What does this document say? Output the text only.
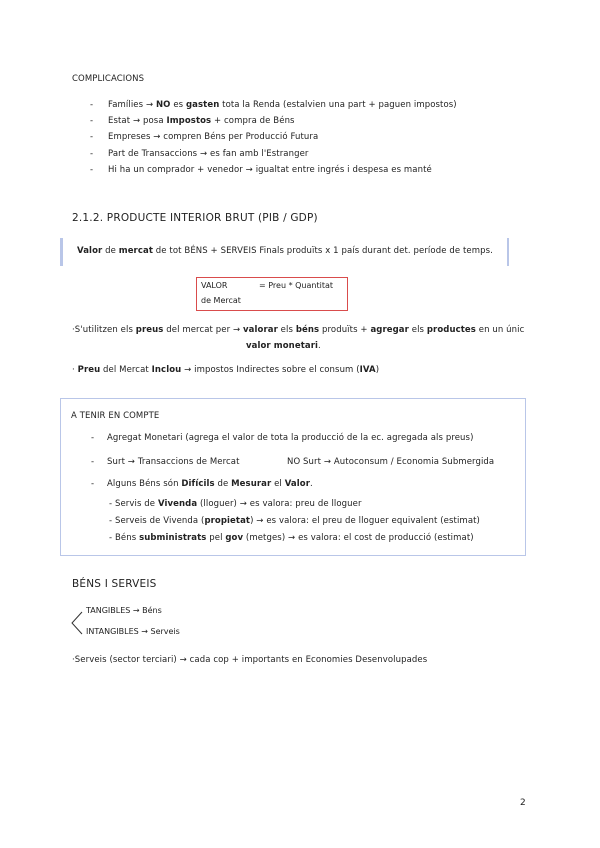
COMPLICACIONS
- Famílies → NO es gasten tota la Renda (estalvien una part + paguen impostos)
- Estat → posa Impostos + compra de Béns
- Empreses → compren Béns per Producció Futura
- Part de Transaccions → es fan amb l'Estranger
- Hi ha un comprador + venedor → igualtat entre ingrés i despesa es manté
2.1.2. PRODUCTE INTERIOR BRUT (PIB / GDP)
Valor de mercat de tot BÉNS + SERVEIS Finals produïts x 1 país durant det. període de temps.
VALOR	= Preu * Quantitat
de Mercat
·S'utilitzen els preus del mercat per → valorar els béns produïts + agregar els productes en un únic
valor monetari.
· Preu del Mercat Inclou → impostos Indirectes sobre el consum (IVA)
A TENIR EN COMPTE
- Agregat Monetari (agrega el valor de tota la producció de la ec. agregada als preus)
- Surt → Transaccions de Mercat	NO Surt → Autoconsum / Economia Submergida
- Alguns Béns són Difícils de Mesurar el Valor.
- Servis de Vivenda (lloguer) → es valora: preu de lloguer
- Serveis de Vivenda (propietat) → es valora: el preu de lloguer equivalent (estimat)
- Béns subministrats pel gov (metges) → es valora: el cost de producció (estimat)
BÉNS I SERVEIS
TANGIBLES → Béns
INTANGIBLES → Serveis
·Serveis (sector terciari) → cada cop + importants en Economies Desenvolupades
2
